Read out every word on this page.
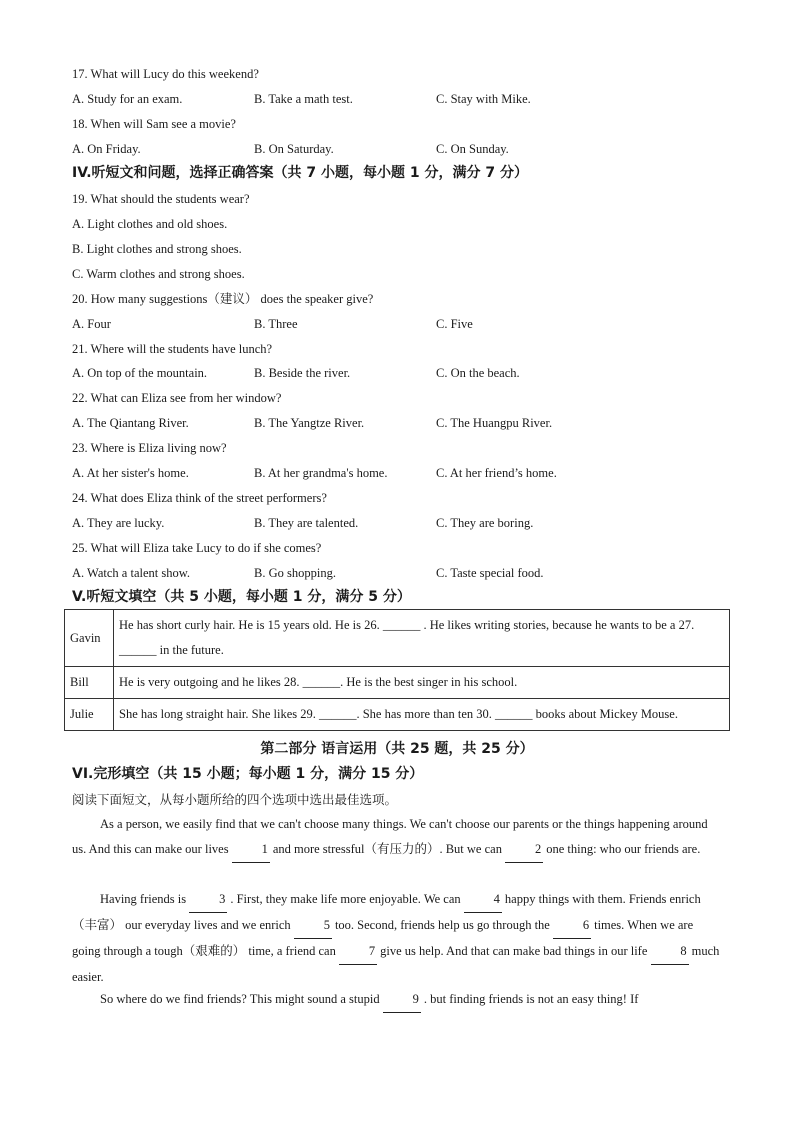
17. What will Lucy do this weekend?
A. Study for an exam.	B. Take a math test.	C. Stay with Mike.
18. When will Sam see a movie?
A. On Friday.	B. On Saturday.	C. On Sunday.
IV.听短文和问题，选择正确答案（共 7 小题，每小题 1 分，满分 7 分）
19. What should the students wear?
A. Light clothes and old shoes.
B. Light clothes and strong shoes.
C. Warm clothes and strong shoes.
20. How many suggestions（建议） does the speaker give?
A. Four	B. Three	C. Five
21. Where will the students have lunch?
A. On top of the mountain.	B. Beside the river.	C. On the beach.
22. What can Eliza see from her window?
A. The Qiantang River.	B. The Yangtze River.	C. The Huangpu River.
23. Where is Eliza living now?
A. At her sister's home.	B. At her grandma's home.	C. At her friend’s home.
24. What does Eliza think of the street performers?
A. They are lucky.	B. They are talented.	C. They are boring.
25. What will Eliza take Lucy to do if she comes?
A. Watch a talent show.	B. Go shopping.	C. Taste special food.
V.听短文填空（共 5 小题，每小题 1 分，满分 5 分）
Gavin	He has short curly hair. He is 15 years old. He is 26. ______ . He likes writing stories, because he wants to be a 27. ______ in the future.
Bill	He is very outgoing and he likes 28. ______. He is the best singer in his school.
Julie	She has long straight hair. She likes 29. ______. She has more than ten 30. ______ books about Mickey Mouse.
第二部分 语言运用（共 25 题，共 25 分）
VI.完形填空（共 15 小题；每小题 1 分，满分 15 分）
阅读下面短文，从每小题所给的四个选项中选出最佳选项。
As a person, we easily find that we can't choose many things. We can't choose our parents or the things happening around us. And this can make our lives	1 and more stressful（有压力的）. But we can	2 one thing: who our friends are.
Having friends is	3 . First, they make life more enjoyable. We can	4 happy things with them. Friends enrich（丰富） our everyday lives and we enrich	5 too. Second, friends help us go through the	6 times. When we are going through a tough（艰难的） time, a friend can	7 give us help. And that can make bad things in our life	8 much easier.
So where do we find friends? This might sound a stupid	9 . but finding friends is not an easy thing! If
